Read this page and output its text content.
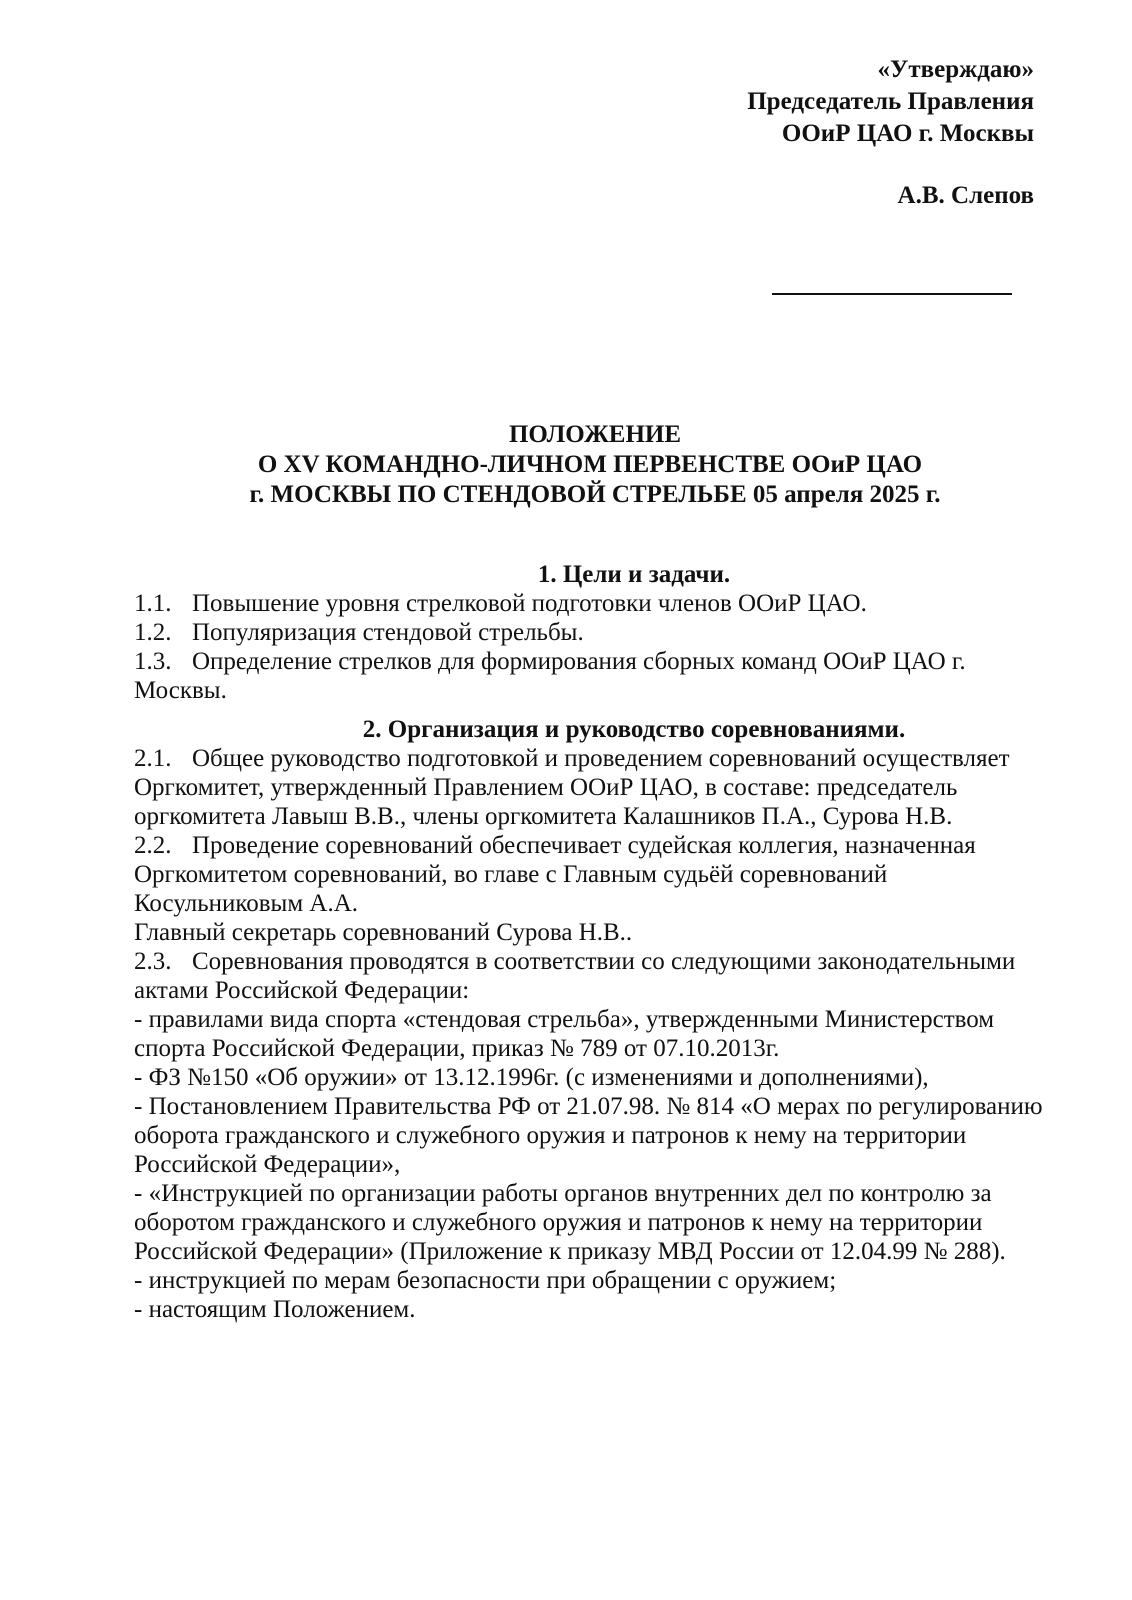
«Утверждаю»
Председатель Правления
ООиР ЦАО г. Москвы
А.В. Слепов
ПОЛОЖЕНИЕ
О XV КОМАНДНО-ЛИЧНОМ ПЕРВЕНСТВЕ ООиР ЦАО
г. МОСКВЫ ПО СТЕНДОВОЙ СТРЕЛЬБЕ 05 апреля 2025 г.
1. Цели и задачи.

1.1. Повышение уровня стрелковой подготовки членов ООиР ЦАО.

1.2. Популяризация стендовой стрельбы.

1.3. Определение стрелков для формирования сборных команд ООиР ЦАО г. Москвы.

2. Организация и руководство соревнованиями.

2.1. Общее руководство подготовкой и проведением соревнований осуществляет Оргкомитет, утвержденный Правлением ООиР ЦАО, в составе: председатель оргкомитета Лавыш В.В., члены оргкомитета Калашников П.А., Сурова Н.В.

2.2. Проведение соревнований обеспечивает судейская коллегия, назначенная Оргкомитетом соревнований, во главе с Главным судьёй соревнований Косульниковым А.А.

Главный секретарь соревнований Сурова Н.В..

2.3. Соревнования проводятся в соответствии со следующими законодательными актами Российской Федерации:

- правилами вида спорта «стендовая стрельба», утвержденными Министерством спорта Российской Федерации, приказ № 789 от 07.10.2013г.

- ФЗ №150 «Об оружии» от 13.12.1996г. (с изменениями и дополнениями),

- Постановлением Правительства РФ от 21.07.98. № 814 «О мерах по регулированию оборота гражданского и служебного оружия и патронов к нему на территории Российской Федерации»,

- «Инструкцией по организации работы органов внутренних дел по контролю за оборотом гражданского и служебного оружия и патронов к нему на территории Российской Федерации» (Приложение к приказу МВД России от 12.04.99 № 288).

- инструкцией по мерам безопасности при обращении с оружием;

- настоящим Положением.
